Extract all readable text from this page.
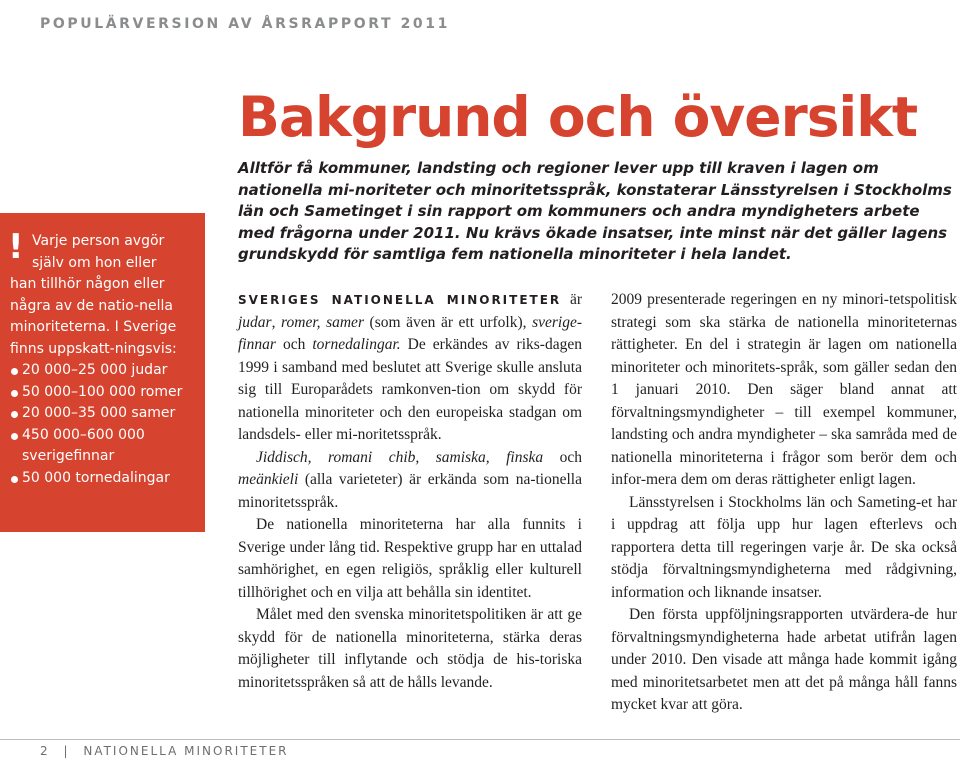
POPULÄRVERSION AV ÅRSRAPPORT 2011
! Varje person avgör
själv om hon eller
han tillhör någon eller några av de natio-nella minoriteterna. I Sverige finns uppskatt-ningsvis:

20 000–25 000 judar
50 000–100 000 romer
20 000–35 000 samer
450 000–600 000 sverigefinnar
50 000 tornedalingar
Bakgrund och översikt

Alltför få kommuner, landsting och regioner lever upp till kraven i lagen om nationella mi-noriteter och minoritetsspråk, konstaterar Länsstyrelsen i Stockholms län och Sametinget i sin rapport om kommuners och andra myndigheters arbete med frågorna under 2011. Nu krävs ökade insatser, inte minst när det gäller lagens grundskydd för samtliga fem nationella minoriteter i hela landet.

SVERIGES NATIONELLA MINORITETER är judar, romer, samer (som även är ett urfolk), sverige-finnar och tornedalingar. De erkändes av riks-dagen 1999 i samband med beslutet att Sverige skulle ansluta sig till Europarådets ramkonven-tion om skydd för nationella minoriteter och den europeiska stadgan om landsdels- eller mi-noritetsspråk.

Jiddisch, romani chib, samiska, finska och meänkieli (alla varieteter) är erkända som na-tionella minoritetsspråk.

De nationella minoriteterna har alla funnits i Sverige under lång tid. Respektive grupp har en uttalad samhörighet, en egen religiös, språklig eller kulturell tillhörighet och en vilja att behålla sin identitet.

Målet med den svenska minoritetspolitiken är att ge skydd för de nationella minoriteterna, stärka deras möjligheter till inflytande och stödja de his-toriska minoritetsspråken så att de hålls levande.

2009 presenterade regeringen en ny minori-tetspolitisk strategi som ska stärka de nationella minoriteternas rättigheter. En del i strategin är lagen om nationella minoriteter och minoritets-språk, som gäller sedan den 1 januari 2010. Den säger bland annat att förvaltningsmyndigheter – till exempel kommuner, landsting och andra myndigheter – ska samråda med de nationella minoriteterna i frågor som berör dem och infor-mera dem om deras rättigheter enligt lagen.

Länsstyrelsen i Stockholms län och Sameting-et har i uppdrag att följa upp hur lagen efterlevs och rapportera detta till regeringen varje år. De ska också stödja förvaltningsmyndigheterna med rådgivning, information och liknande insatser.

Den första uppföljningsrapporten utvärdera-de hur förvaltningsmyndigheterna hade arbetat utifrån lagen under 2010. Den visade att många hade kommit igång med minoritetsarbetet men att det på många håll fanns mycket kvar att göra.

2 | NATIONELLA MINORITETER
